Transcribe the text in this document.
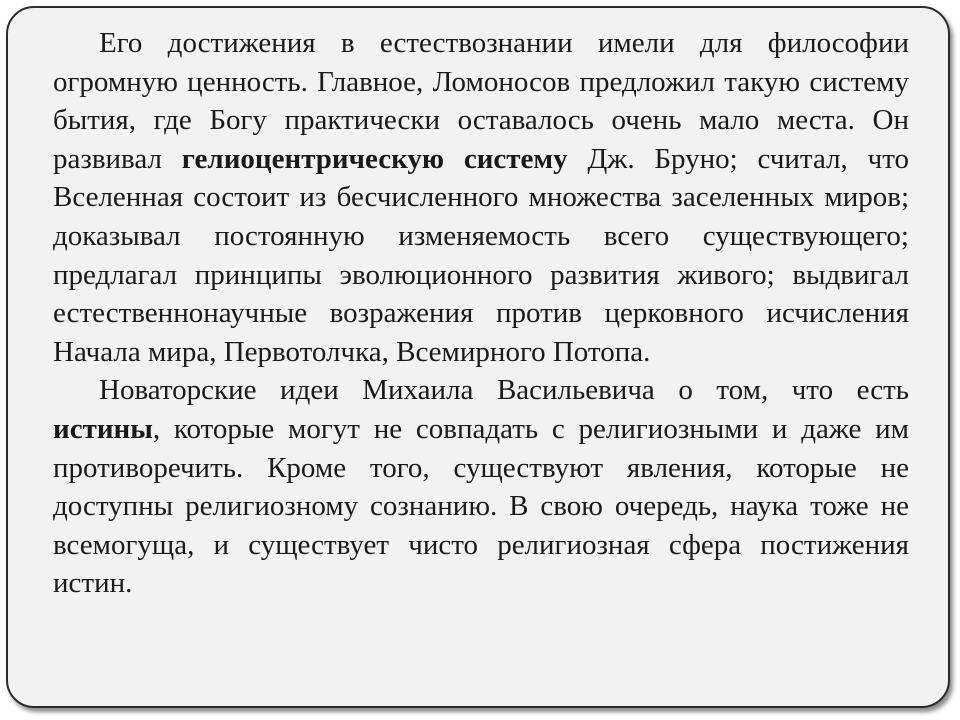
Его достижения в естествознании имели для философии огромную ценность. Главное, Ломоносов предложил такую систему бытия, где Богу практически оставалось очень мало места. Он развивал гелиоцентрическую систему Дж. Бруно; считал, что Вселенная состоит из бесчисленного множества заселенных миров; доказывал постоянную изменяемость всего существующего; предлагал принципы эволюционного развития живого; выдвигал естественнонаучные возражения против церковного исчисления Начала мира, Первотолчка, Всемирного Потопа.

Новаторские идеи Михаила Васильевича о том, что есть истины, которые могут не совпадать с религиозными и даже им противоречить. Кроме того, существуют явления, которые не доступны религиозному сознанию. В свою очередь, наука тоже не всемогуща, и существует чисто религиозная сфера постижения истин.
